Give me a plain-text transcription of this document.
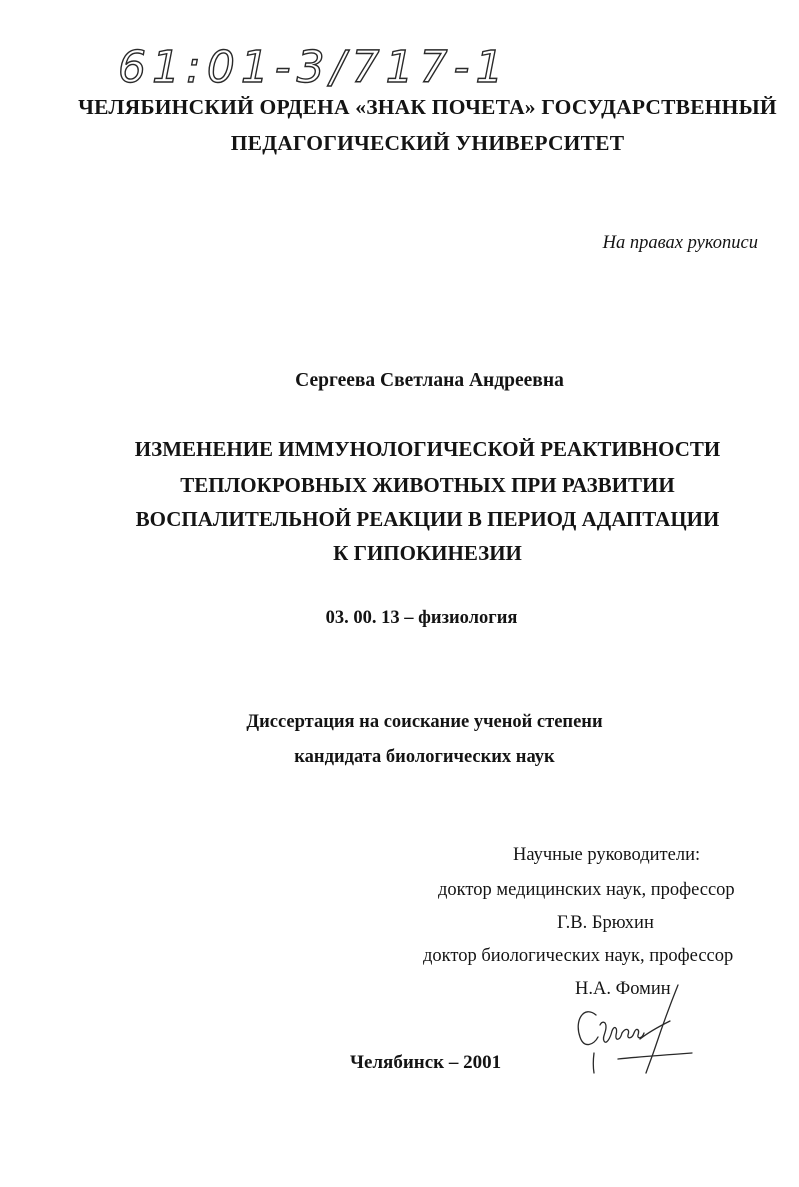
61:01-3/717-1
ЧЕЛЯБИНСКИЙ ОРДЕНА «ЗНАК ПОЧЕТА» ГОСУДАРСТВЕННЫЙ
ПЕДАГОГИЧЕСКИЙ УНИВЕРСИТЕТ
На правах рукописи
Сергеева Светлана Андреевна
ИЗМЕНЕНИЕ ИММУНОЛОГИЧЕСКОЙ РЕАКТИВНОСТИ
ТЕПЛОКРОВНЫХ ЖИВОТНЫХ ПРИ РАЗВИТИИ
ВОСПАЛИТЕЛЬНОЙ РЕАКЦИИ В ПЕРИОД АДАПТАЦИИ
К ГИПОКИНЕЗИИ
03. 00. 13 – физиология
Диссертация на соискание ученой степени
кандидата биологических наук
Научные руководители:
доктор медицинских наук, профессор
Г.В. Брюхин
доктор биологических наук, профессор
Н.А. Фомин
Челябинск – 2001
